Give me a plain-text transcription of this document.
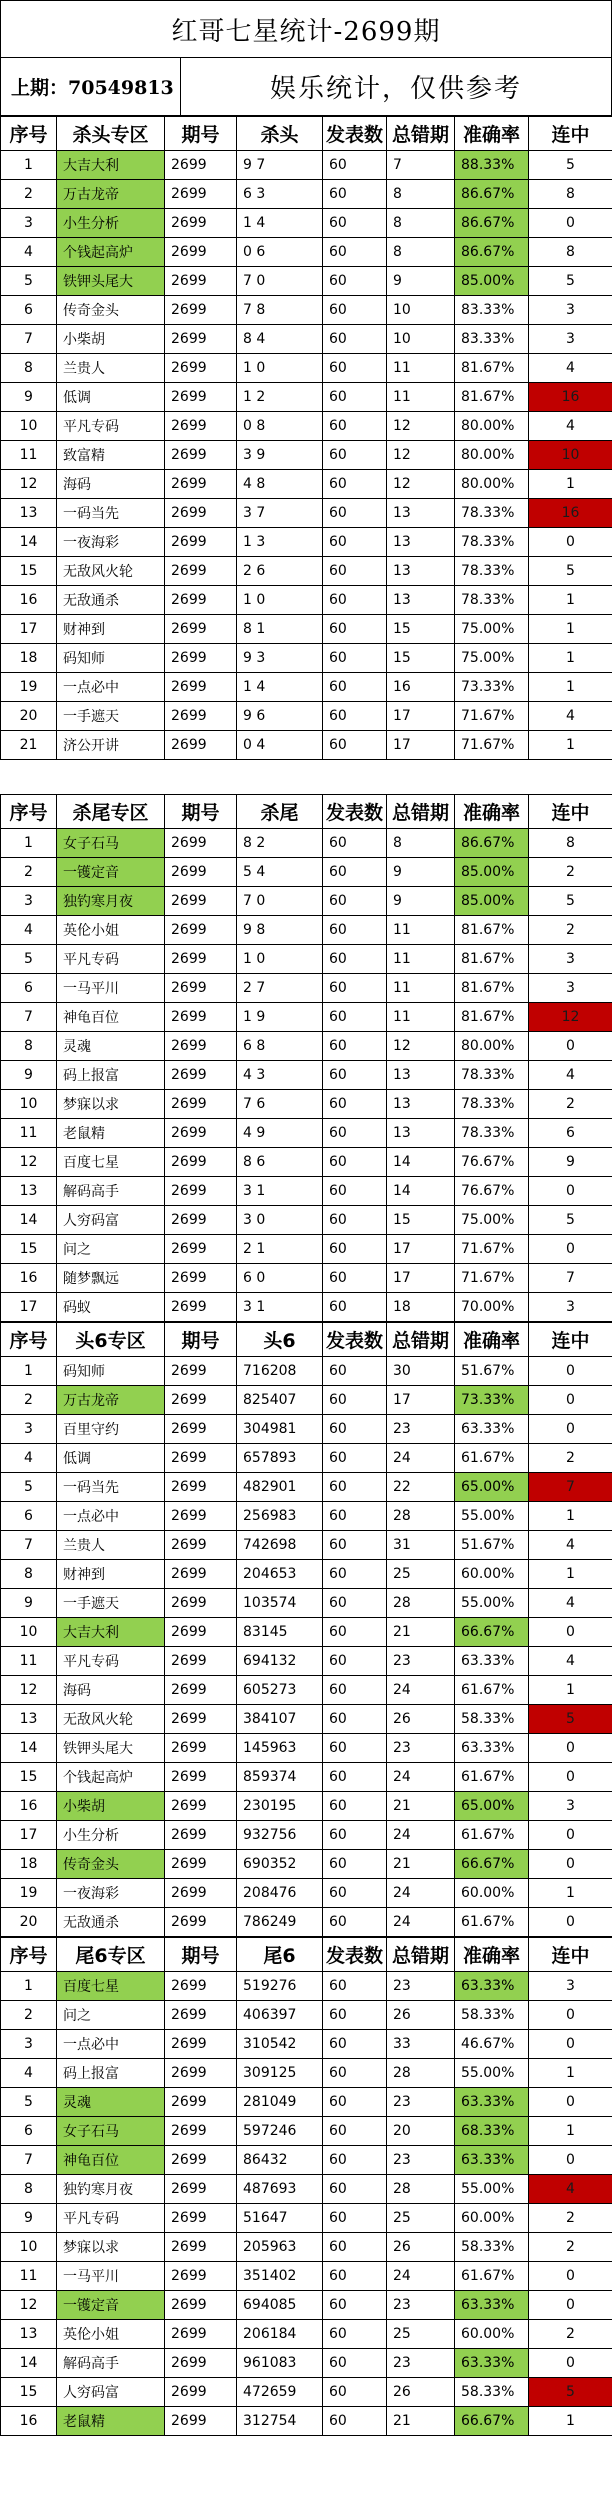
红哥七星统计-2699期
上期：70549813	娱乐统计，仅供参考
序号	杀头专区	期号	杀头	发表数	总错期	准确率	连中
1	大吉大利	2699	9 7	60	7	88.33%	5
2	万古龙帝	2699	6 3	60	8	86.67%	8
3	小生分析	2699	1 4	60	8	86.67%	0
4	个钱起高炉	2699	0 6	60	8	86.67%	8
5	铁钾头尾大	2699	7 0	60	9	85.00%	5
6	传奇金头	2699	7 8	60	10	83.33%	3
7	小柴胡	2699	8 4	60	10	83.33%	3
8	兰贵人	2699	1 0	60	11	81.67%	4
9	低调	2699	1 2	60	11	81.67%	16
10	平凡专码	2699	0 8	60	12	80.00%	4
11	致富精	2699	3 9	60	12	80.00%	10
12	海码	2699	4 8	60	12	80.00%	1
13	一码当先	2699	3 7	60	13	78.33%	16
14	一夜海彩	2699	1 3	60	13	78.33%	0
15	无敌风火轮	2699	2 6	60	13	78.33%	5
16	无敌通杀	2699	1 0	60	13	78.33%	1
17	财神到	2699	8 1	60	15	75.00%	1
18	码知师	2699	9 3	60	15	75.00%	1
19	一点必中	2699	1 4	60	16	73.33%	1
20	一手遮天	2699	9 6	60	17	71.67%	4
21	济公开讲	2699	0 4	60	17	71.67%	1
序号	杀尾专区	期号	杀尾	发表数	总错期	准确率	连中
1	女子石马	2699	8 2	60	8	86.67%	8
2	一镬定音	2699	5 4	60	9	85.00%	2
3	独钓寒月夜	2699	7 0	60	9	85.00%	5
4	英伦小姐	2699	9 8	60	11	81.67%	2
5	平凡专码	2699	1 0	60	11	81.67%	3
6	一马平川	2699	2 7	60	11	81.67%	3
7	神龟百位	2699	1 9	60	11	81.67%	12
8	灵魂	2699	6 8	60	12	80.00%	0
9	码上报富	2699	4 3	60	13	78.33%	4
10	梦寐以求	2699	7 6	60	13	78.33%	2
11	老鼠精	2699	4 9	60	13	78.33%	6
12	百度七星	2699	8 6	60	14	76.67%	9
13	解码高手	2699	3 1	60	14	76.67%	0
14	人穷码富	2699	3 0	60	15	75.00%	5
15	问之	2699	2 1	60	17	71.67%	0
16	随梦飘远	2699	6 0	60	17	71.67%	7
17	码蚁	2699	3 1	60	18	70.00%	3
序号	头6专区	期号	头6	发表数	总错期	准确率	连中
1	码知师	2699	716208	60	30	51.67%	0
2	万古龙帝	2699	825407	60	17	73.33%	0
3	百里守约	2699	304981	60	23	63.33%	0
4	低调	2699	657893	60	24	61.67%	2
5	一码当先	2699	482901	60	22	65.00%	7
6	一点必中	2699	256983	60	28	55.00%	1
7	兰贵人	2699	742698	60	31	51.67%	4
8	财神到	2699	204653	60	25	60.00%	1
9	一手遮天	2699	103574	60	28	55.00%	4
10	大吉大利	2699	83145	60	21	66.67%	0
11	平凡专码	2699	694132	60	23	63.33%	4
12	海码	2699	605273	60	24	61.67%	1
13	无敌风火轮	2699	384107	60	26	58.33%	5
14	铁钾头尾大	2699	145963	60	23	63.33%	0
15	个钱起高炉	2699	859374	60	24	61.67%	0
16	小柴胡	2699	230195	60	21	65.00%	3
17	小生分析	2699	932756	60	24	61.67%	0
18	传奇金头	2699	690352	60	21	66.67%	0
19	一夜海彩	2699	208476	60	24	60.00%	1
20	无敌通杀	2699	786249	60	24	61.67%	0
序号	尾6专区	期号	尾6	发表数	总错期	准确率	连中
1	百度七星	2699	519276	60	23	63.33%	3
2	问之	2699	406397	60	26	58.33%	0
3	一点必中	2699	310542	60	33	46.67%	0
4	码上报富	2699	309125	60	28	55.00%	1
5	灵魂	2699	281049	60	23	63.33%	0
6	女子石马	2699	597246	60	20	68.33%	1
7	神龟百位	2699	86432	60	23	63.33%	0
8	独钓寒月夜	2699	487693	60	28	55.00%	4
9	平凡专码	2699	51647	60	25	60.00%	2
10	梦寐以求	2699	205963	60	26	58.33%	2
11	一马平川	2699	351402	60	24	61.67%	0
12	一镬定音	2699	694085	60	23	63.33%	0
13	英伦小姐	2699	206184	60	25	60.00%	2
14	解码高手	2699	961083	60	23	63.33%	0
15	人穷码富	2699	472659	60	26	58.33%	5
16	老鼠精	2699	312754	60	21	66.67%	1
